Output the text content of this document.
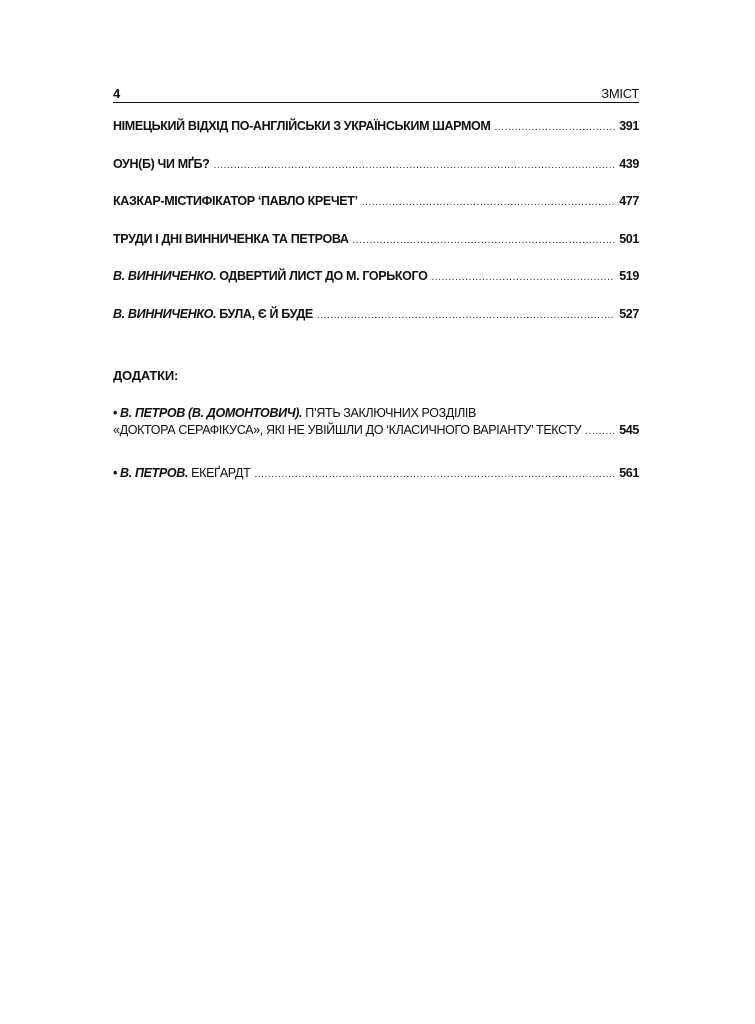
4	ЗМІСТ
НІМЕЦЬКИЙ ВІДХІД ПО-АНГЛІЙСЬКИ З УКРАЇНСЬКИМ ШАРМОМ .....	391
ОУН(Б) ЧИ МҐБ? .....	439
КАЗКАР-МІСТИФІКАТОР ‘ПАВЛО КРЕЧЕТ’ .....	477
ТРУДИ І ДНІ ВИННИЧЕНКА ТА ПЕТРОВА .....	501
В. ВИННИЧЕНКО. ОДВЕРТИЙ ЛИСТ ДО М. ГОРЬКОГО .....	519
В. ВИННИЧЕНКО. БУЛА, Є Й БУДЕ .....	527
ДОДАТКИ:
• В. ПЕТРОВ (В. ДОМОНТОВИЧ). П’ЯТЬ ЗАКЛЮЧНИХ РОЗДІЛІВ
«ДОКТОРА СЕРАФІКУСА», ЯКІ НЕ УВІЙШЛИ ДО ‘КЛАСИЧНОГО ВАРІАНТУ’ ТЕКСТУ .....	545
• В. ПЕТРОВ. ЕКЕҐАРДТ .....	561
